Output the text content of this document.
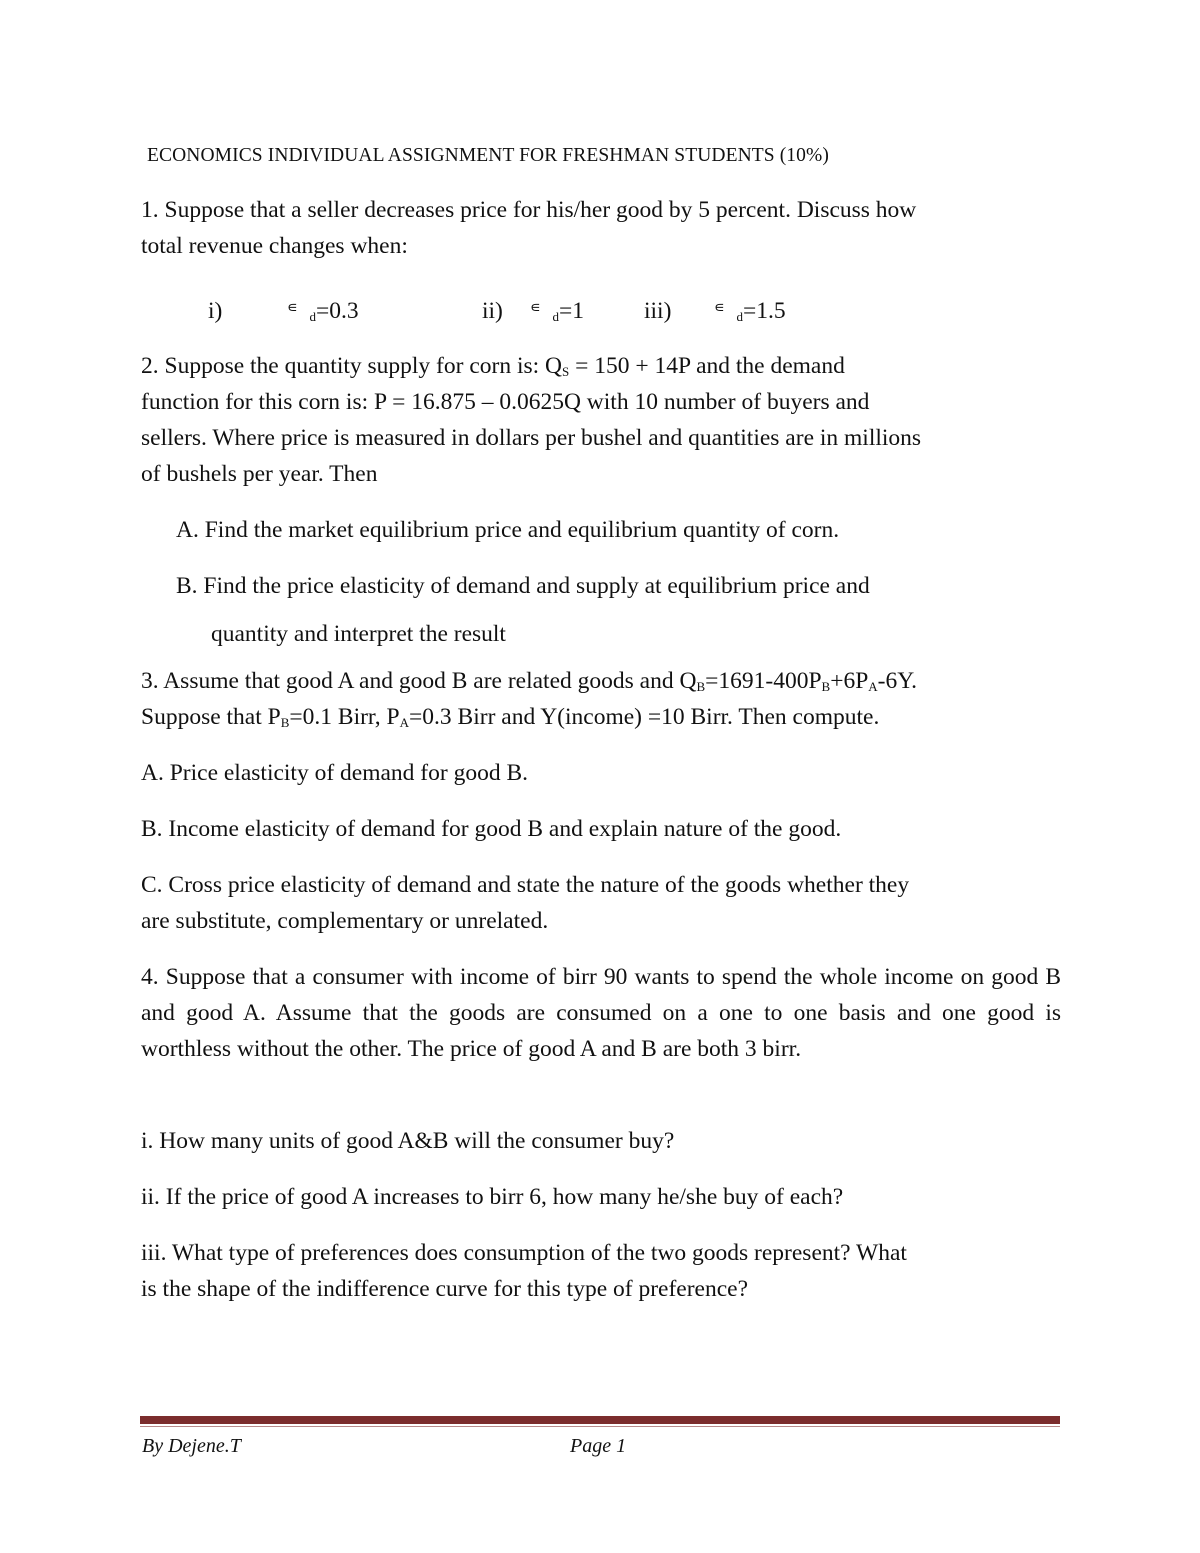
ECONOMICS INDIVIDUAL ASSIGNMENT FOR FRESHMAN STUDENTS (10%)
1. Suppose that a seller decreases price for his/her good by 5 percent. Discuss how
total revenue changes when:
i)	∊  $_d$=0.3	ii) ∊  $_d$=1	iii)	∊  $_d$=1.5
2. Suppose the quantity supply for corn is: $Q_S = 150 + 14P$ and the demand
function for this corn is: P = 16.875 – 0.0625Q with 10 number of buyers and
sellers. Where price is measured in dollars per bushel and quantities are in millions
of bushels per year. Then
A. Find the market equilibrium price and equilibrium quantity of corn.
B. Find the price elasticity of demand and supply at equilibrium price and
quantity and interpret the result
3. Assume that good A and good B are related goods and $Q_B=1691-400P_B+6P_A-6Y$.
Suppose that $P_B=0.1$ Birr, $P_A=0.3$ Birr and Y(income) =10 Birr. Then compute.
A. Price elasticity of demand for good B.
B. Income elasticity of demand for good B and explain nature of the good.
C. Cross price elasticity of demand and state the nature of the goods whether they
are substitute, complementary or unrelated.
4. Suppose that a consumer with income of birr 90 wants to spend the whole income on good B and good A. Assume that the goods are consumed on a one to one basis and one good is worthless without the other. The price of good A and B are both 3 birr.
i. How many units of good A&B will the consumer buy?
ii. If the price of good A increases to birr 6, how many he/she buy of each?
iii. What type of preferences does consumption of the two goods represent? What
is the shape of the indifference curve for this type of preference?
By Dejene.T	Page 1
